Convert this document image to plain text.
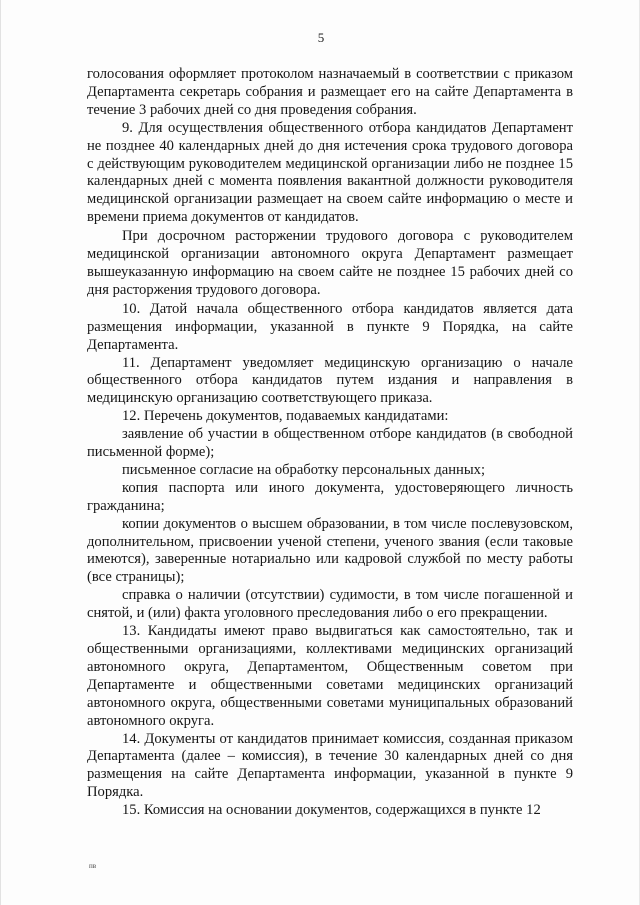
5

голосования оформляет протоколом назначаемый в соответствии с приказом Департамента секретарь собрания и размещает его на сайте Департамента в течение 3 рабочих дней со дня проведения собрания.

9. Для осуществления общественного отбора кандидатов Департамент не позднее 40 календарных дней до дня истечения срока трудового договора с действующим руководителем медицинской организации либо не позднее 15 календарных дней с момента появления вакантной должности руководителя медицинской организации размещает на своем сайте информацию о месте и времени приема документов от кандидатов.

При досрочном расторжении трудового договора с руководителем медицинской организации автономного округа Департамент размещает вышеуказанную информацию на своем сайте не позднее 15 рабочих дней со дня расторжения трудового договора.

10. Датой начала общественного отбора кандидатов является дата размещения информации, указанной в пункте 9 Порядка, на сайте Департамента.

11. Департамент уведомляет медицинскую организацию о начале общественного отбора кандидатов путем издания и направления в медицинскую организацию соответствующего приказа.

12. Перечень документов, подаваемых кандидатами:

заявление об участии в общественном отборе кандидатов (в свободной письменной форме);

письменное согласие на обработку персональных данных;

копия паспорта или иного документа, удостоверяющего личность гражданина;

копии документов о высшем образовании, в том числе послевузовском, дополнительном, присвоении ученой степени, ученого звания (если таковые имеются), заверенные нотариально или кадровой службой по месту работы (все страницы);

справка о наличии (отсутствии) судимости, в том числе погашенной и снятой, и (или) факта уголовного преследования либо о его прекращении.

13. Кандидаты имеют право выдвигаться как самостоятельно, так и общественными организациями, коллективами медицинских организаций автономного округа, Департаментом, Общественным советом при Департаменте и общественными советами медицинских организаций автономного округа, общественными советами муниципальных образований автономного округа.

14. Документы от кандидатов принимает комиссия, созданная приказом Департамента (далее – комиссия), в течение 30 календарных дней со дня размещения на сайте Департамента информации, указанной в пункте 9 Порядка.

15. Комиссия на основании документов, содержащихся в пункте 12

пв
